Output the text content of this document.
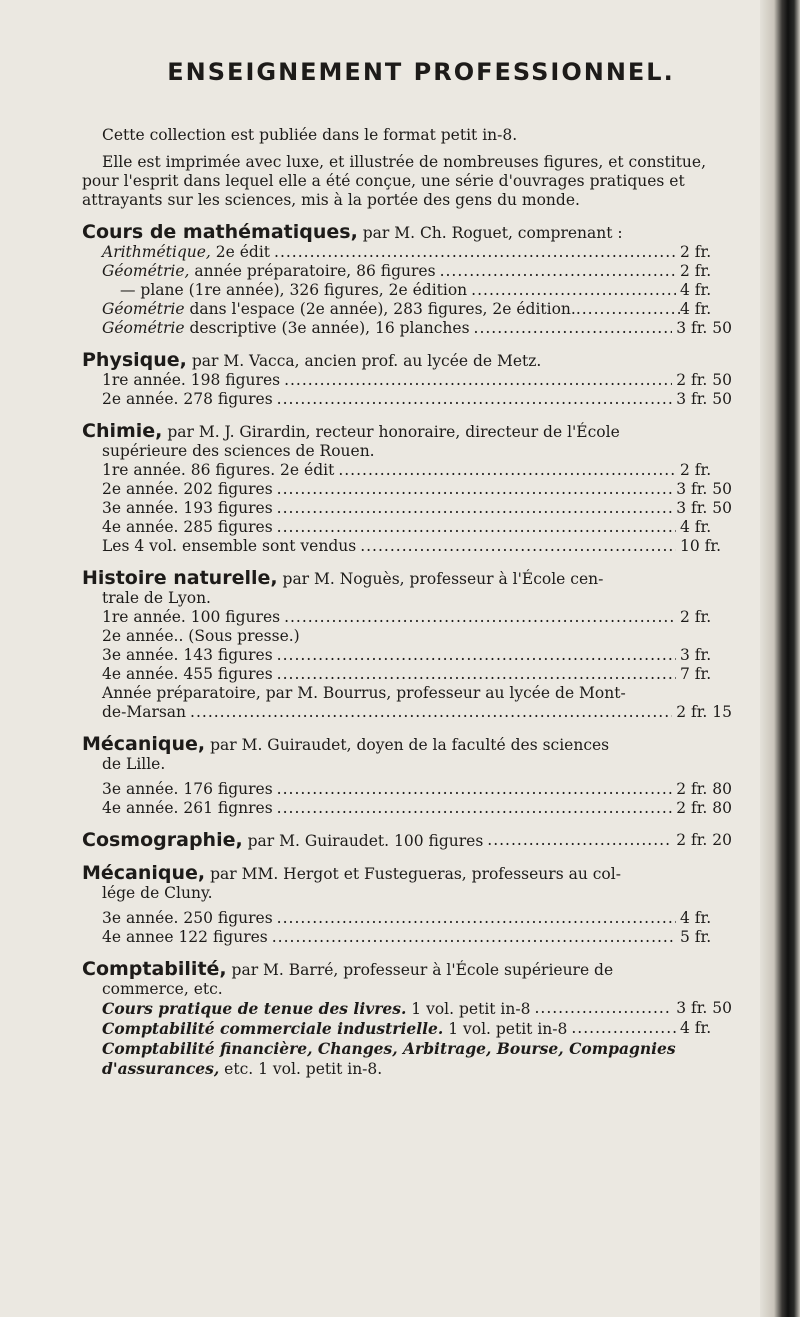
ENSEIGNEMENT PROFESSIONNEL.

Cette collection est publiée dans le format petit in-8.

Elle est imprimée avec luxe, et illustrée de nombreuses figures, et constitue, pour l'esprit dans lequel elle a été conçue, une série d'ouvrages pratiques et attrayants sur les sciences, mis à la portée des gens du monde.

Cours de mathématiques, par M. Ch. Roguet, comprenant :

Arithmétique, 2e édit .....	2 fr.
Géométrie, année préparatoire, 86 figures .....	2 fr.
— plane (1re année), 326 figures, 2e édition .....	4 fr.
Géométrie dans l'espace (2e année), 283 figures, 2e édition. .....	4 fr.
Géométrie descriptive (3e année), 16 planches .....	3 fr. 50

Physique, par M. Vacca, ancien prof. au lycée de Metz.

1re année. 198 figures .....	2 fr. 50
2e année. 278 figures .....	3 fr. 50

Chimie, par M. J. Girardin, recteur honoraire, directeur de l'École
supérieure des sciences de Rouen.

1re année. 86 figures. 2e édit .....	2 fr.
2e année. 202 figures .....	3 fr. 50
3e année. 193 figures .....	3 fr. 50
4e année. 285 figures .....	4 fr.
Les 4 vol. ensemble sont vendus .....	10 fr.

Histoire naturelle, par M. Noguès, professeur à l'École cen-
trale de Lyon.

1re année. 100 figures .....	2 fr.
2e année.. (Sous presse.)
3e année. 143 figures .....	3 fr.
4e année. 455 figures .....	7 fr.
Année préparatoire, par M. Bourrus, professeur au lycée de Mont-
de-Marsan .....	2 fr. 15

Mécanique, par M. Guiraudet, doyen de la faculté des sciences
de Lille.

3e année. 176 figures .....	2 fr. 80
4e année. 261 fignres .....	2 fr. 80
Cosmographie, par M. Guiraudet. 100 figures .....	2 fr. 20

Mécanique, par MM. Hergot et Fustegueras, professeurs au col-
lége de Cluny.

3e année. 250 figures .....	4 fr.
4e annee 122 figures .....	5 fr.

Comptabilité, par M. Barré, professeur à l'École supérieure de
commerce, etc.

Cours pratique de tenue des livres. 1 vol. petit in-8 .....	3 fr. 50
Comptabilité commerciale industrielle. 1 vol. petit in-8 .....	4 fr.
Comptabilité financière, Changes, Arbitrage, Bourse, Compagnies d'assurances, etc. 1 vol. petit in-8.
